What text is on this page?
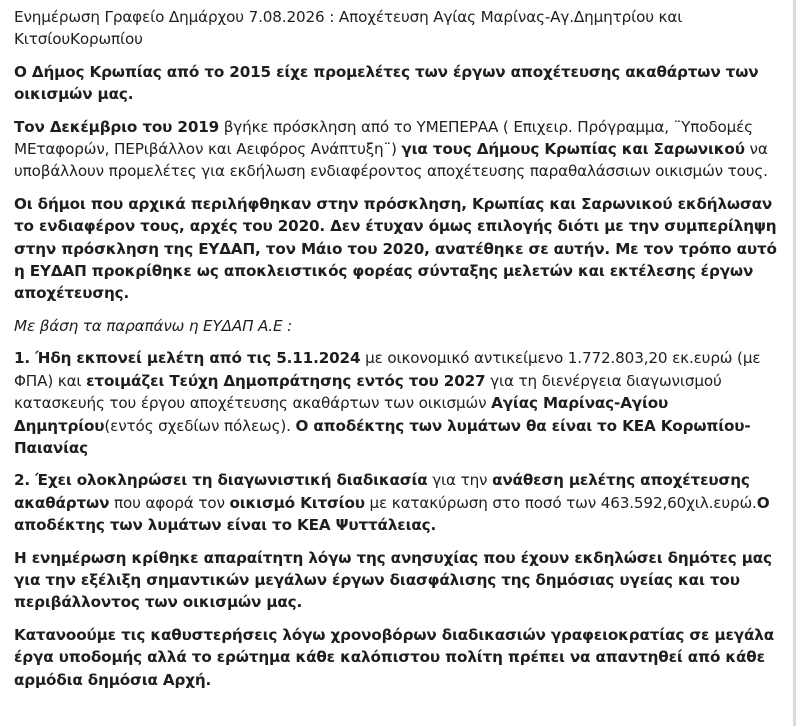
Ενημέρωση Γραφείο Δημάρχου 7.08.2026 : Αποχέτευση Αγίας Μαρίνας-Αγ.Δημητρίου και ΚιτσίουΚορωπίου

Ο Δήμος Κρωπίας από το 2015 είχε προμελέτες των έργων αποχέτευσης ακαθάρτων των οικισμών μας.

Τον Δεκέμβριο του 2019 βγήκε πρόσκληση από το ΥΜΕΠΕΡΑΑ ( Επιχειρ. Πρόγραμμα, ¨Υποδομές ΜΕταφορών, ΠΕΡιβάλλον και Αειφόρος Ανάπτυξη¨) για τους Δήμους Κρωπίας και Σαρωνικού να υποβάλλουν προμελέτες για εκδήλωση ενδιαφέροντος αποχέτευσης παραθαλάσσιων οικισμών τους.

Οι δήμοι που αρχικά περιλήφθηκαν στην πρόσκληση, Κρωπίας και Σαρωνικού εκδήλωσαν το ενδιαφέρον τους, αρχές του 2020. Δεν έτυχαν όμως επιλογής διότι με την συμπερίληψη στην πρόσκληση της ΕΥΔΑΠ, τον Μάιο του 2020, ανατέθηκε σε αυτήν. Με τον τρόπο αυτό η ΕΥΔΑΠ προκρίθηκε ως αποκλειστικός φορέας σύνταξης μελετών και εκτέλεσης έργων αποχέτευσης.

Με βάση τα παραπάνω η ΕΥΔΑΠ Α.Ε :

1. Ήδη εκπονεί μελέτη από τις 5.11.2024 με οικονομικό αντικείμενο 1.772.803,20 εκ.ευρώ (με ΦΠΑ) και ετοιμάζει Τεύχη Δημοπράτησης εντός του 2027 για τη διενέργεια διαγωνισμού κατασκευής του έργου αποχέτευσης ακαθάρτων των οικισμών Αγίας Μαρίνας-Αγίου Δημητρίου(εντός σχεδίων πόλεως). Ο αποδέκτης των λυμάτων θα είναι το ΚΕΑ Κορωπίου-Παιανίας

2. Έχει ολοκληρώσει τη διαγωνιστική διαδικασία για την ανάθεση μελέτης αποχέτευσης ακαθάρτων που αφορά τον οικισμό Κιτσίου με κατακύρωση στο ποσό των 463.592,60χιλ.ευρώ.Ο αποδέκτης των λυμάτων είναι το ΚΕΑ Ψυττάλειας.

Η ενημέρωση κρίθηκε απαραίτητη λόγω της ανησυχίας που έχουν εκδηλώσει δημότες μας για την εξέλιξη σημαντικών μεγάλων έργων διασφάλισης της δημόσιας υγείας και του περιβάλλοντος των οικισμών μας.

Κατανοούμε τις καθυστερήσεις λόγω χρονοβόρων διαδικασιών γραφειοκρατίας σε μεγάλα έργα υποδομής αλλά το ερώτημα κάθε καλόπιστου πολίτη πρέπει να απαντηθεί από κάθε αρμόδια δημόσια Αρχή.
